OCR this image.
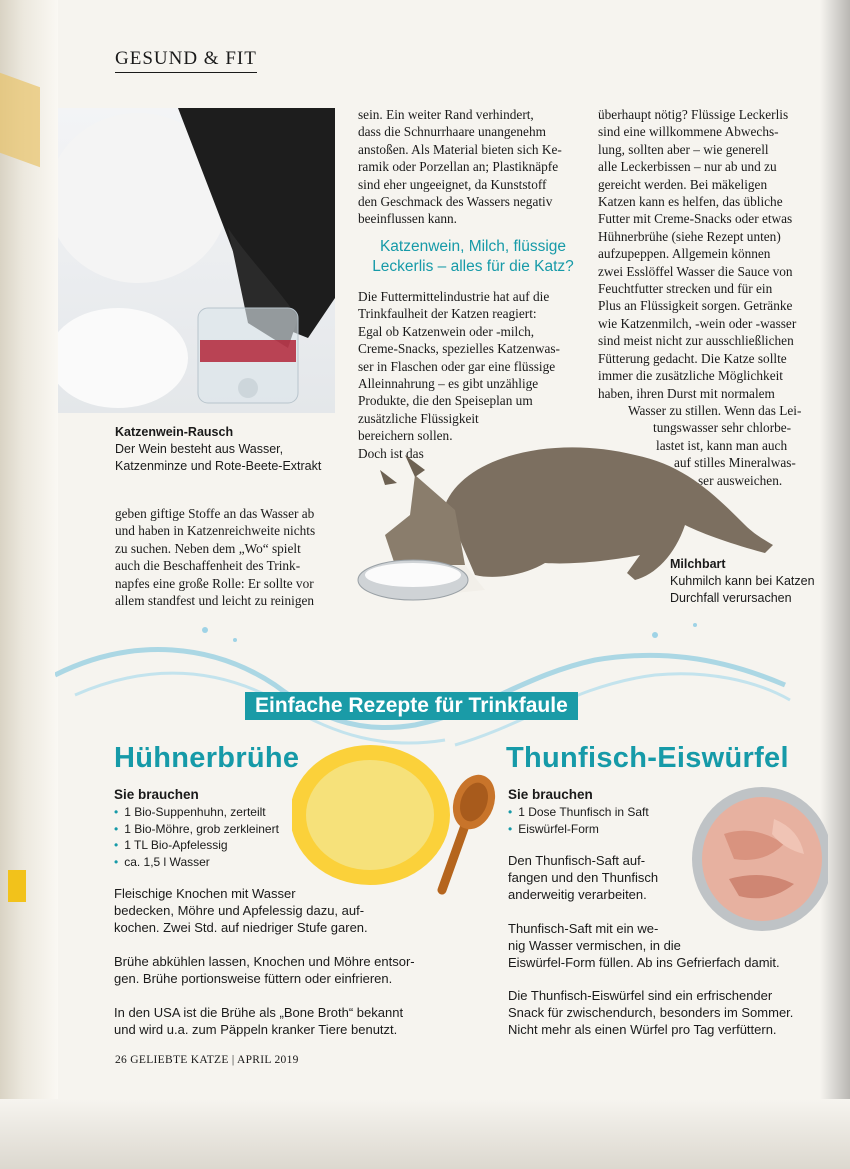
GESUND & FIT
Katzenwein-Rausch
Der Wein besteht aus Wasser,
Katzenminze und Rote-Beete-Extrakt

geben giftige Stoffe an das Wasser ab

und haben in Katzenreichweite nichts

zu suchen. Neben dem „Wo“ spielt

auch die Beschaffenheit des Trink-

napfes eine große Rolle: Er sollte vor

allem standfest und leicht zu reinigen

sein. Ein weiter Rand verhindert,

dass die Schnurrhaare unangenehm

anstoßen. Als Material bieten sich Ke-

ramik oder Porzellan an; Plastiknäpfe

sind eher ungeeignet, da Kunststoff

den Geschmack des Wassers negativ

beeinflussen kann.

Katzenwein, Milch, flüssige
Leckerlis – alles für die Katz?

Die Futtermittelindustrie hat auf die

Trinkfaulheit der Katzen reagiert:

Egal ob Katzenwein oder -milch,

Creme-Snacks, spezielles Katzenwas-

ser in Flaschen oder gar eine flüssige

Alleinnahrung – es gibt unzählige

Produkte, die den Speiseplan um

zusätzliche Flüssigkeit

bereichern sollen.

Doch ist das

überhaupt nötig? Flüssige Leckerlis

sind eine willkommene Abwechs-

lung, sollten aber – wie generell

alle Leckerbissen – nur ab und zu

gereicht werden. Bei mäkeligen

Katzen kann es helfen, das übliche

Futter mit Creme-Snacks oder etwas

Hühnerbrühe (siehe Rezept unten)

aufzupeppen. Allgemein können

zwei Esslöffel Wasser die Sauce von

Feuchtfutter strecken und für ein

Plus an Flüssigkeit sorgen. Getränke

wie Katzenmilch, -wein oder -wasser

sind meist nicht zur ausschließlichen

Fütterung gedacht. Die Katze sollte

immer die zusätzliche Möglichkeit

haben, ihren Durst mit normalem

Wasser zu stillen. Wenn das Lei-

tungswasser sehr chlorbe-

lastet ist, kann man auch

auf stilles Mineralwas-

ser ausweichen.

Milchbart
Kuhmilch kann bei Katzen
Durchfall verursachen
Einfache Rezepte für Trinkfaule
Hühnerbrühe
Sie brauchen
• 1 Bio-Suppenhuhn, zerteilt
• 1 Bio-Möhre, grob zerkleinert
• 1 TL Bio-Apfelessig
• ca. 1,5 l Wasser

Fleischige Knochen mit Wasser

bedecken, Möhre und Apfelessig dazu, auf-

kochen. Zwei Std. auf niedriger Stufe garen.

Brühe abkühlen lassen, Knochen und Möhre entsor-

gen. Brühe portionsweise füttern oder einfrieren.

In den USA ist die Brühe als „Bone Broth“ bekannt

und wird u.a. zum Päppeln kranker Tiere benutzt.

Thunfisch-Eiswürfel
Sie brauchen
• 1 Dose Thunfisch in Saft
• Eiswürfel-Form

Den Thunfisch-Saft auf-

fangen und den Thunfisch

anderweitig verarbeiten.

Thunfisch-Saft mit ein we-

nig Wasser vermischen, in die

Eiswürfel-Form füllen. Ab ins Gefrierfach damit.

Die Thunfisch-Eiswürfel sind ein erfrischender

Snack für zwischendurch, besonders im Sommer.

Nicht mehr als einen Würfel pro Tag verfüttern.

26 GELIEBTE KATZE | APRIL 2019
